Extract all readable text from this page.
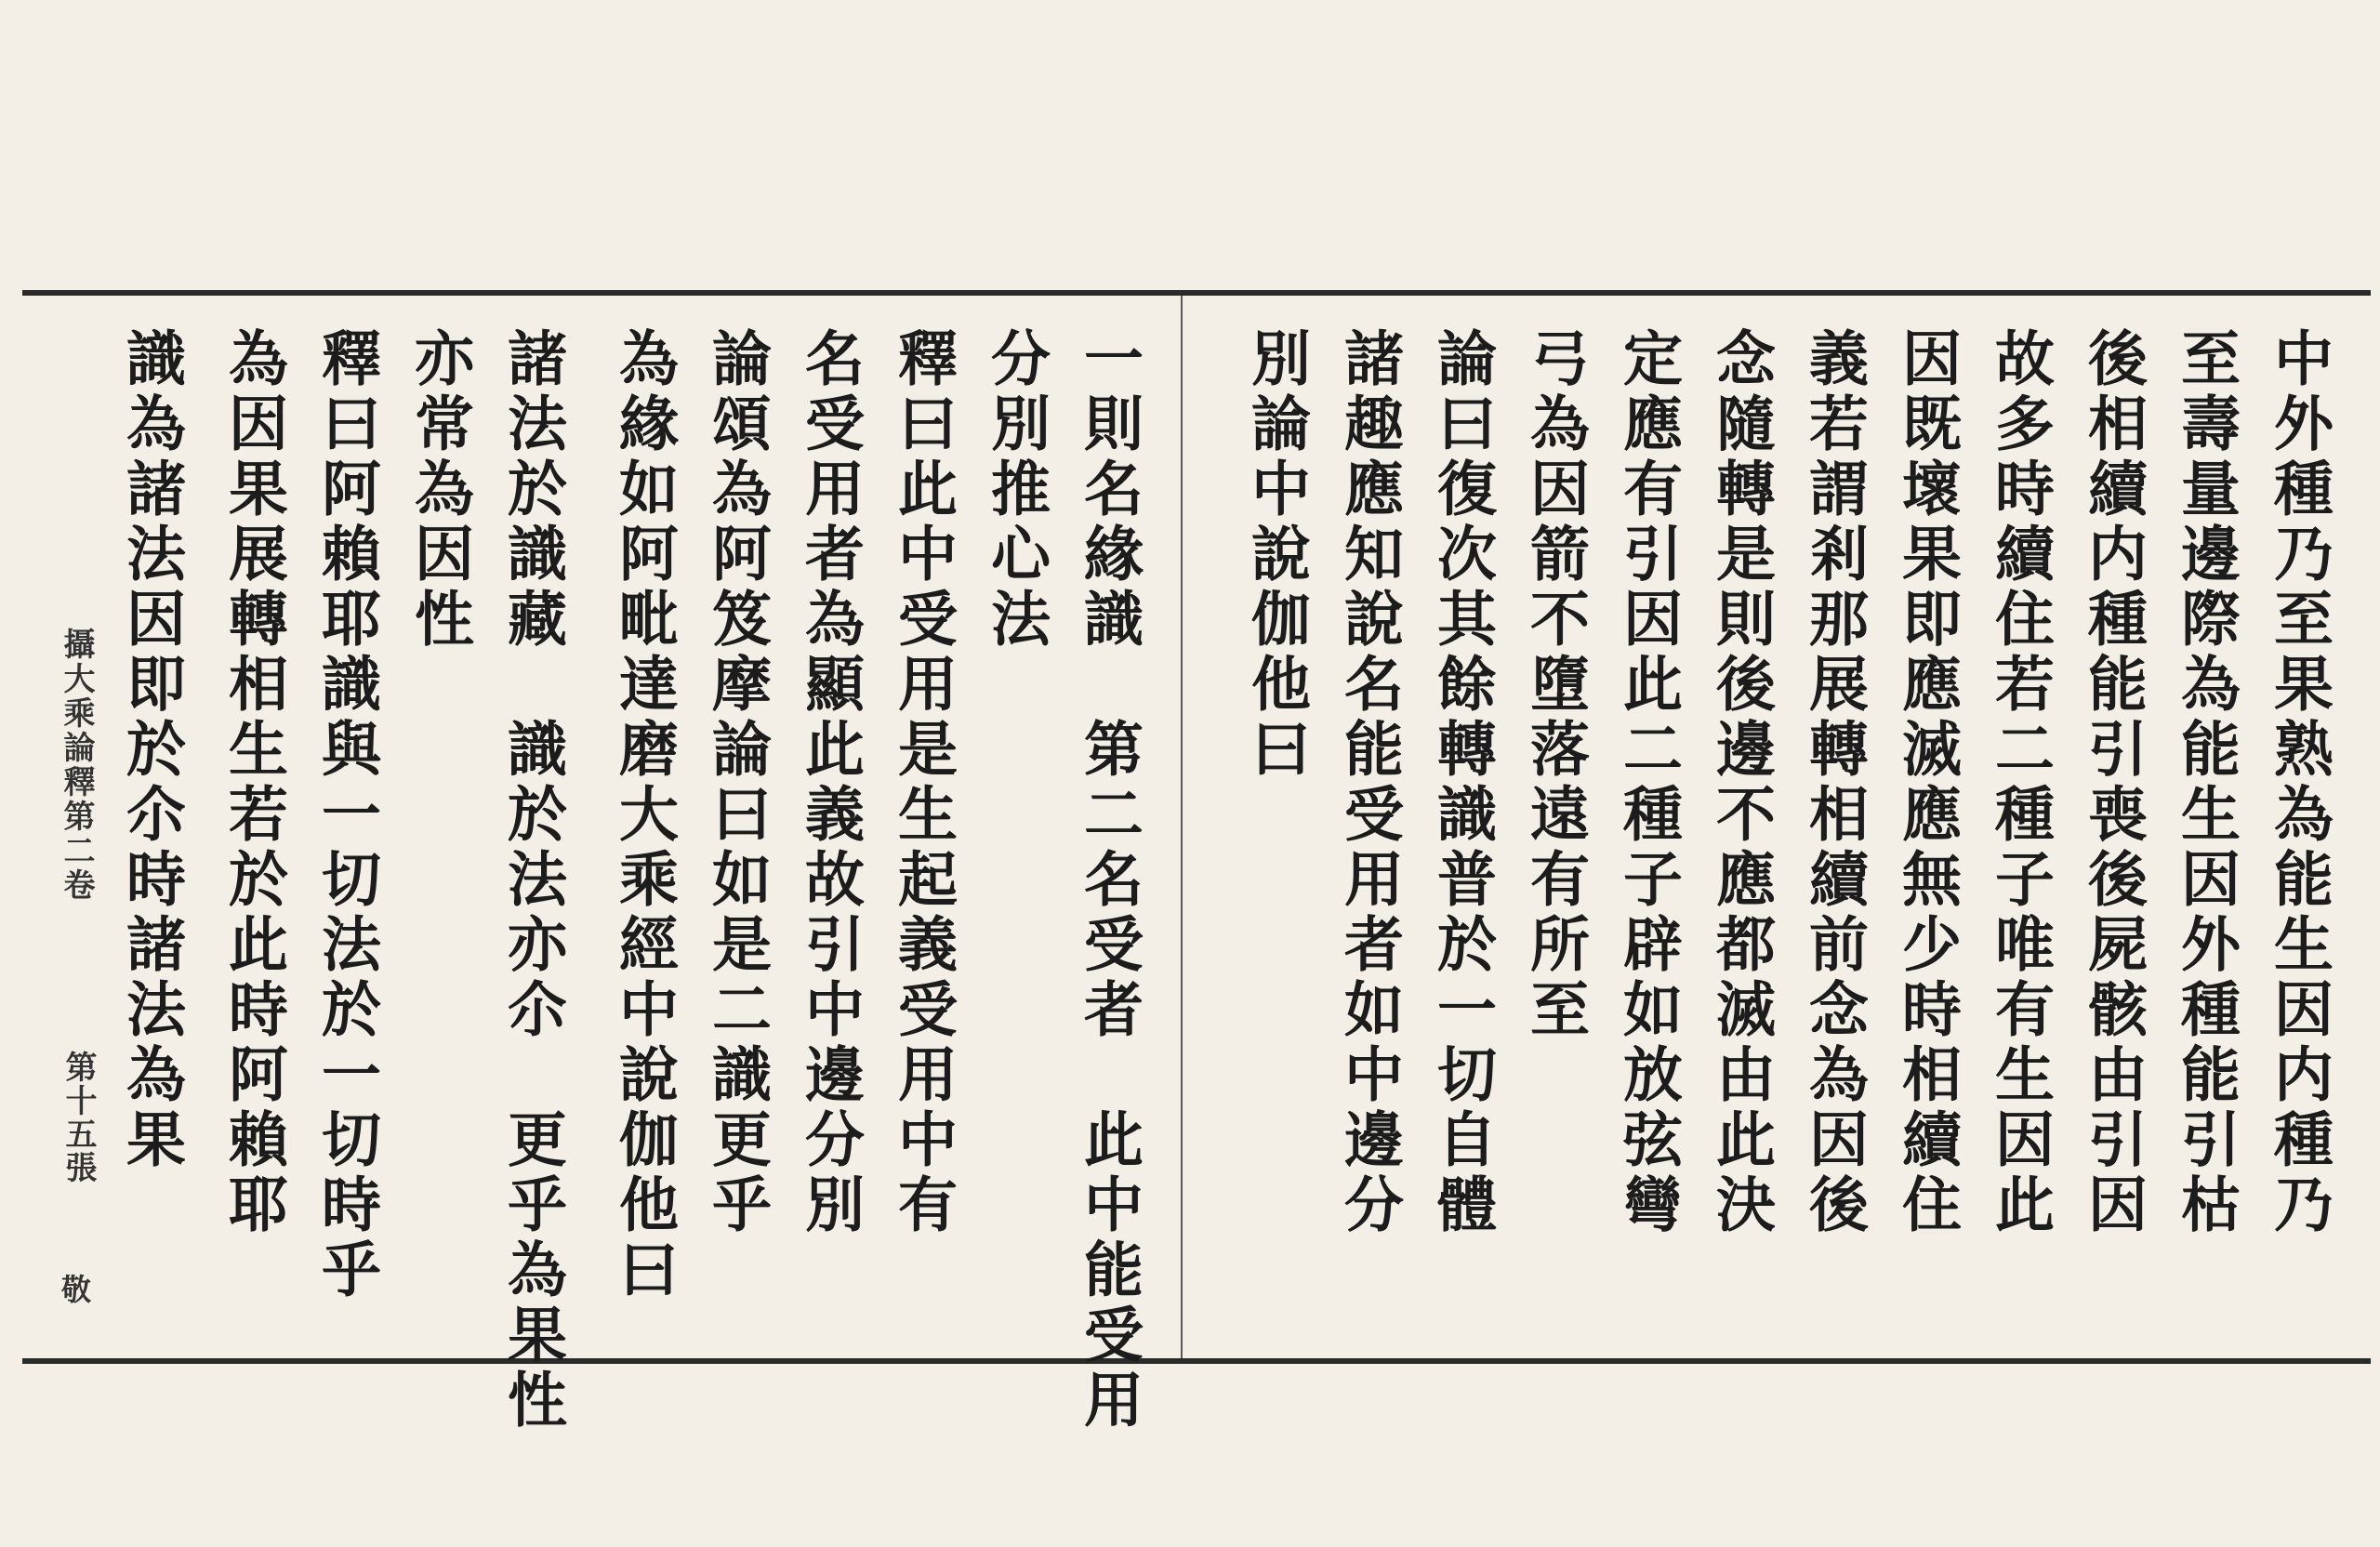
中外種乃至果熟為能生因内種乃
至壽量邊際為能生因外種能引枯
後相續内種能引喪後屍骸由引因
故多時續住若二種子唯有生因此
因既壞果即應滅應無少時相續住
義若謂剎那展轉相續前念為因後
念隨轉是則後邊不應都滅由此決
定應有引因此二種子辟如放弦彎
弓為因箭不墮落遠有所至
論曰復次其餘轉識普於一切自體
諸趣應知說名能受用者如中邊分
別論中說伽他曰
一則名緣識　第二名受者　此中能受用
分別推心法
釋曰此中受用是生起義受用中有
名受用者為顯此義故引中邊分別
論頌為阿笈摩論曰如是二識更乎
為緣如阿毗達磨大乘經中說伽他曰
諸法於識藏　識於法亦尒　更乎為果性
亦常為因性
釋曰阿賴耶識與一切法於一切時乎
為因果展轉相生若於此時阿賴耶
識為諸法因即於尒時諸法為果
攝大乘論釋第二卷
第十五張
敬
